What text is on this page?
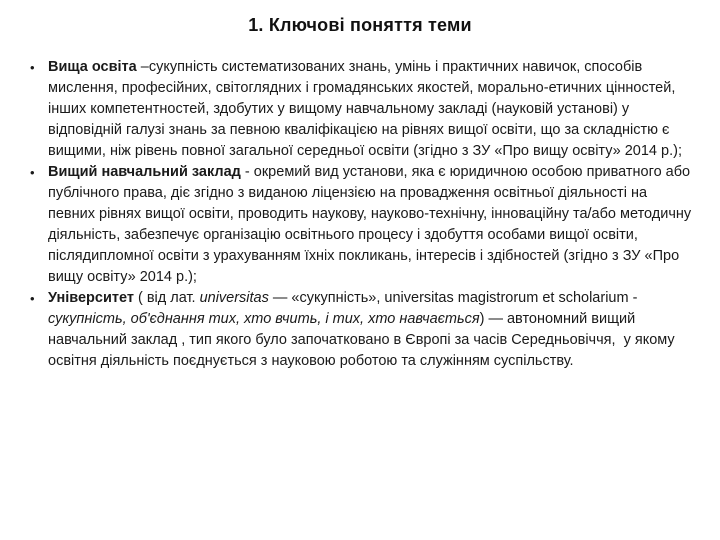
1. Ключові поняття теми
• Вища освіта –сукупність систематизованих знань, умінь і практичних навичок, способів мислення, професійних, світоглядних і громадянських якостей, морально-етичних цінностей, інших компетентностей, здобутих у вищому навчальному закладі (науковій установі) у відповідній галузі знань за певною кваліфікацією на рівнях вищої освіти, що за складністю є вищими, ніж рівень повної загальної середньої освіти (згідно з ЗУ «Про вищу освіту» 2014 р.);

• Вищий навчальний заклад - окремий вид установи, яка є юридичною особою приватного або публічного права, діє згідно з виданою ліцензією на провадження освітньої діяльності на певних рівнях вищої освіти, проводить наукову, науково-технічну, інноваційну та/або методичну діяльність, забезпечує організацію освітнього процесу і здобуття особами вищої освіти, післядипломної освіти з урахуванням їхніх покликань, інтересів і здібностей (згідно з ЗУ «Про вищу освіту» 2014 р.);

• Університет ( від лат. universitas — «сукупність», universitas magistrorum et scholarium - сукупність, об'єднання тих, хто вчить, і тих, хто навчається) — автономний вищий навчальний заклад , тип якого було започатковано в Європі за часів Середньовіччя,  у якому освітня діяльність поєднується з науковою роботою та служінням суспільству.
